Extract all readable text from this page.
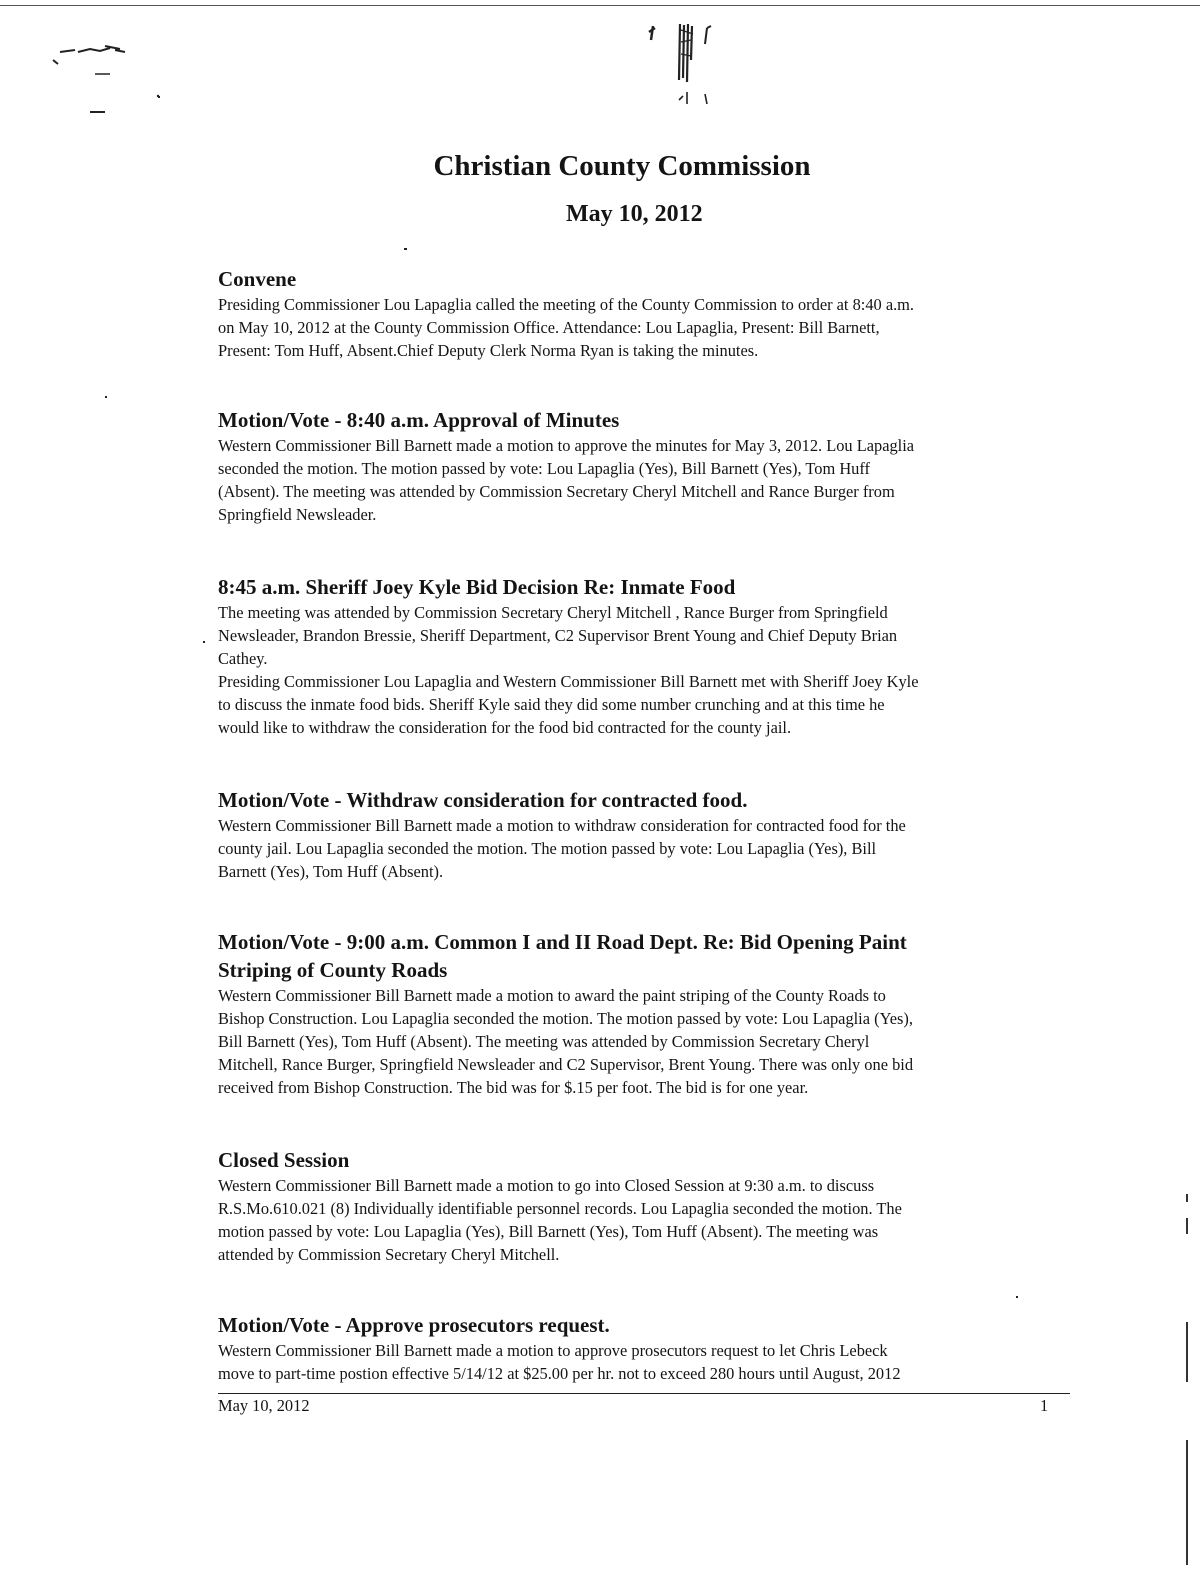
Christian County Commission
May 10, 2012
Convene

Presiding Commissioner Lou Lapaglia called the meeting of the County Commission to order at 8:40 a.m.

on May 10, 2012 at the County Commission Office. Attendance: Lou Lapaglia, Present: Bill Barnett,

Present: Tom Huff, Absent.Chief Deputy Clerk Norma Ryan is taking the minutes.

Motion/Vote - 8:40 a.m. Approval of Minutes

Western Commissioner Bill Barnett made a motion to approve the minutes for May 3, 2012. Lou Lapaglia

seconded the motion. The motion passed by vote: Lou Lapaglia (Yes), Bill Barnett (Yes), Tom Huff

(Absent). The meeting was attended by Commission Secretary Cheryl Mitchell and Rance Burger from

Springfield Newsleader.

8:45 a.m. Sheriff Joey Kyle Bid Decision Re: Inmate Food

The meeting was attended by Commission Secretary Cheryl Mitchell , Rance Burger from Springfield

Newsleader, Brandon Bressie, Sheriff Department, C2 Supervisor Brent Young and Chief Deputy Brian

Cathey.

Presiding Commissioner Lou Lapaglia and Western Commissioner Bill Barnett met with Sheriff Joey Kyle

to discuss the inmate food bids. Sheriff Kyle said they did some number crunching and at this time he

would like to withdraw the consideration for the food bid contracted for the county jail.

Motion/Vote - Withdraw consideration for contracted food.

Western Commissioner Bill Barnett made a motion to withdraw consideration for contracted food for the

county jail. Lou Lapaglia seconded the motion. The motion passed by vote: Lou Lapaglia (Yes), Bill

Barnett (Yes), Tom Huff (Absent).

Motion/Vote - 9:00 a.m. Common I and II Road Dept. Re: Bid Opening Paint
Striping of County Roads

Western Commissioner Bill Barnett made a motion to award the paint striping of the County Roads to

Bishop Construction. Lou Lapaglia seconded the motion. The motion passed by vote: Lou Lapaglia (Yes),

Bill Barnett (Yes), Tom Huff (Absent). The meeting was attended by Commission Secretary Cheryl

Mitchell, Rance Burger, Springfield Newsleader and C2 Supervisor, Brent Young. There was only one bid

received from Bishop Construction. The bid was for $.15 per foot. The bid is for one year.

Closed Session

Western Commissioner Bill Barnett made a motion to go into Closed Session at 9:30 a.m. to discuss

R.S.Mo.610.021 (8) Individually identifiable personnel records. Lou Lapaglia seconded the motion. The

motion passed by vote: Lou Lapaglia (Yes), Bill Barnett (Yes), Tom Huff (Absent). The meeting was

attended by Commission Secretary Cheryl Mitchell.

Motion/Vote - Approve prosecutors request.

Western Commissioner Bill Barnett made a motion to approve prosecutors request to let Chris Lebeck

move to part-time postion effective 5/14/12 at $25.00 per hr. not to exceed 280 hours until August, 2012

May 10, 2012	1
